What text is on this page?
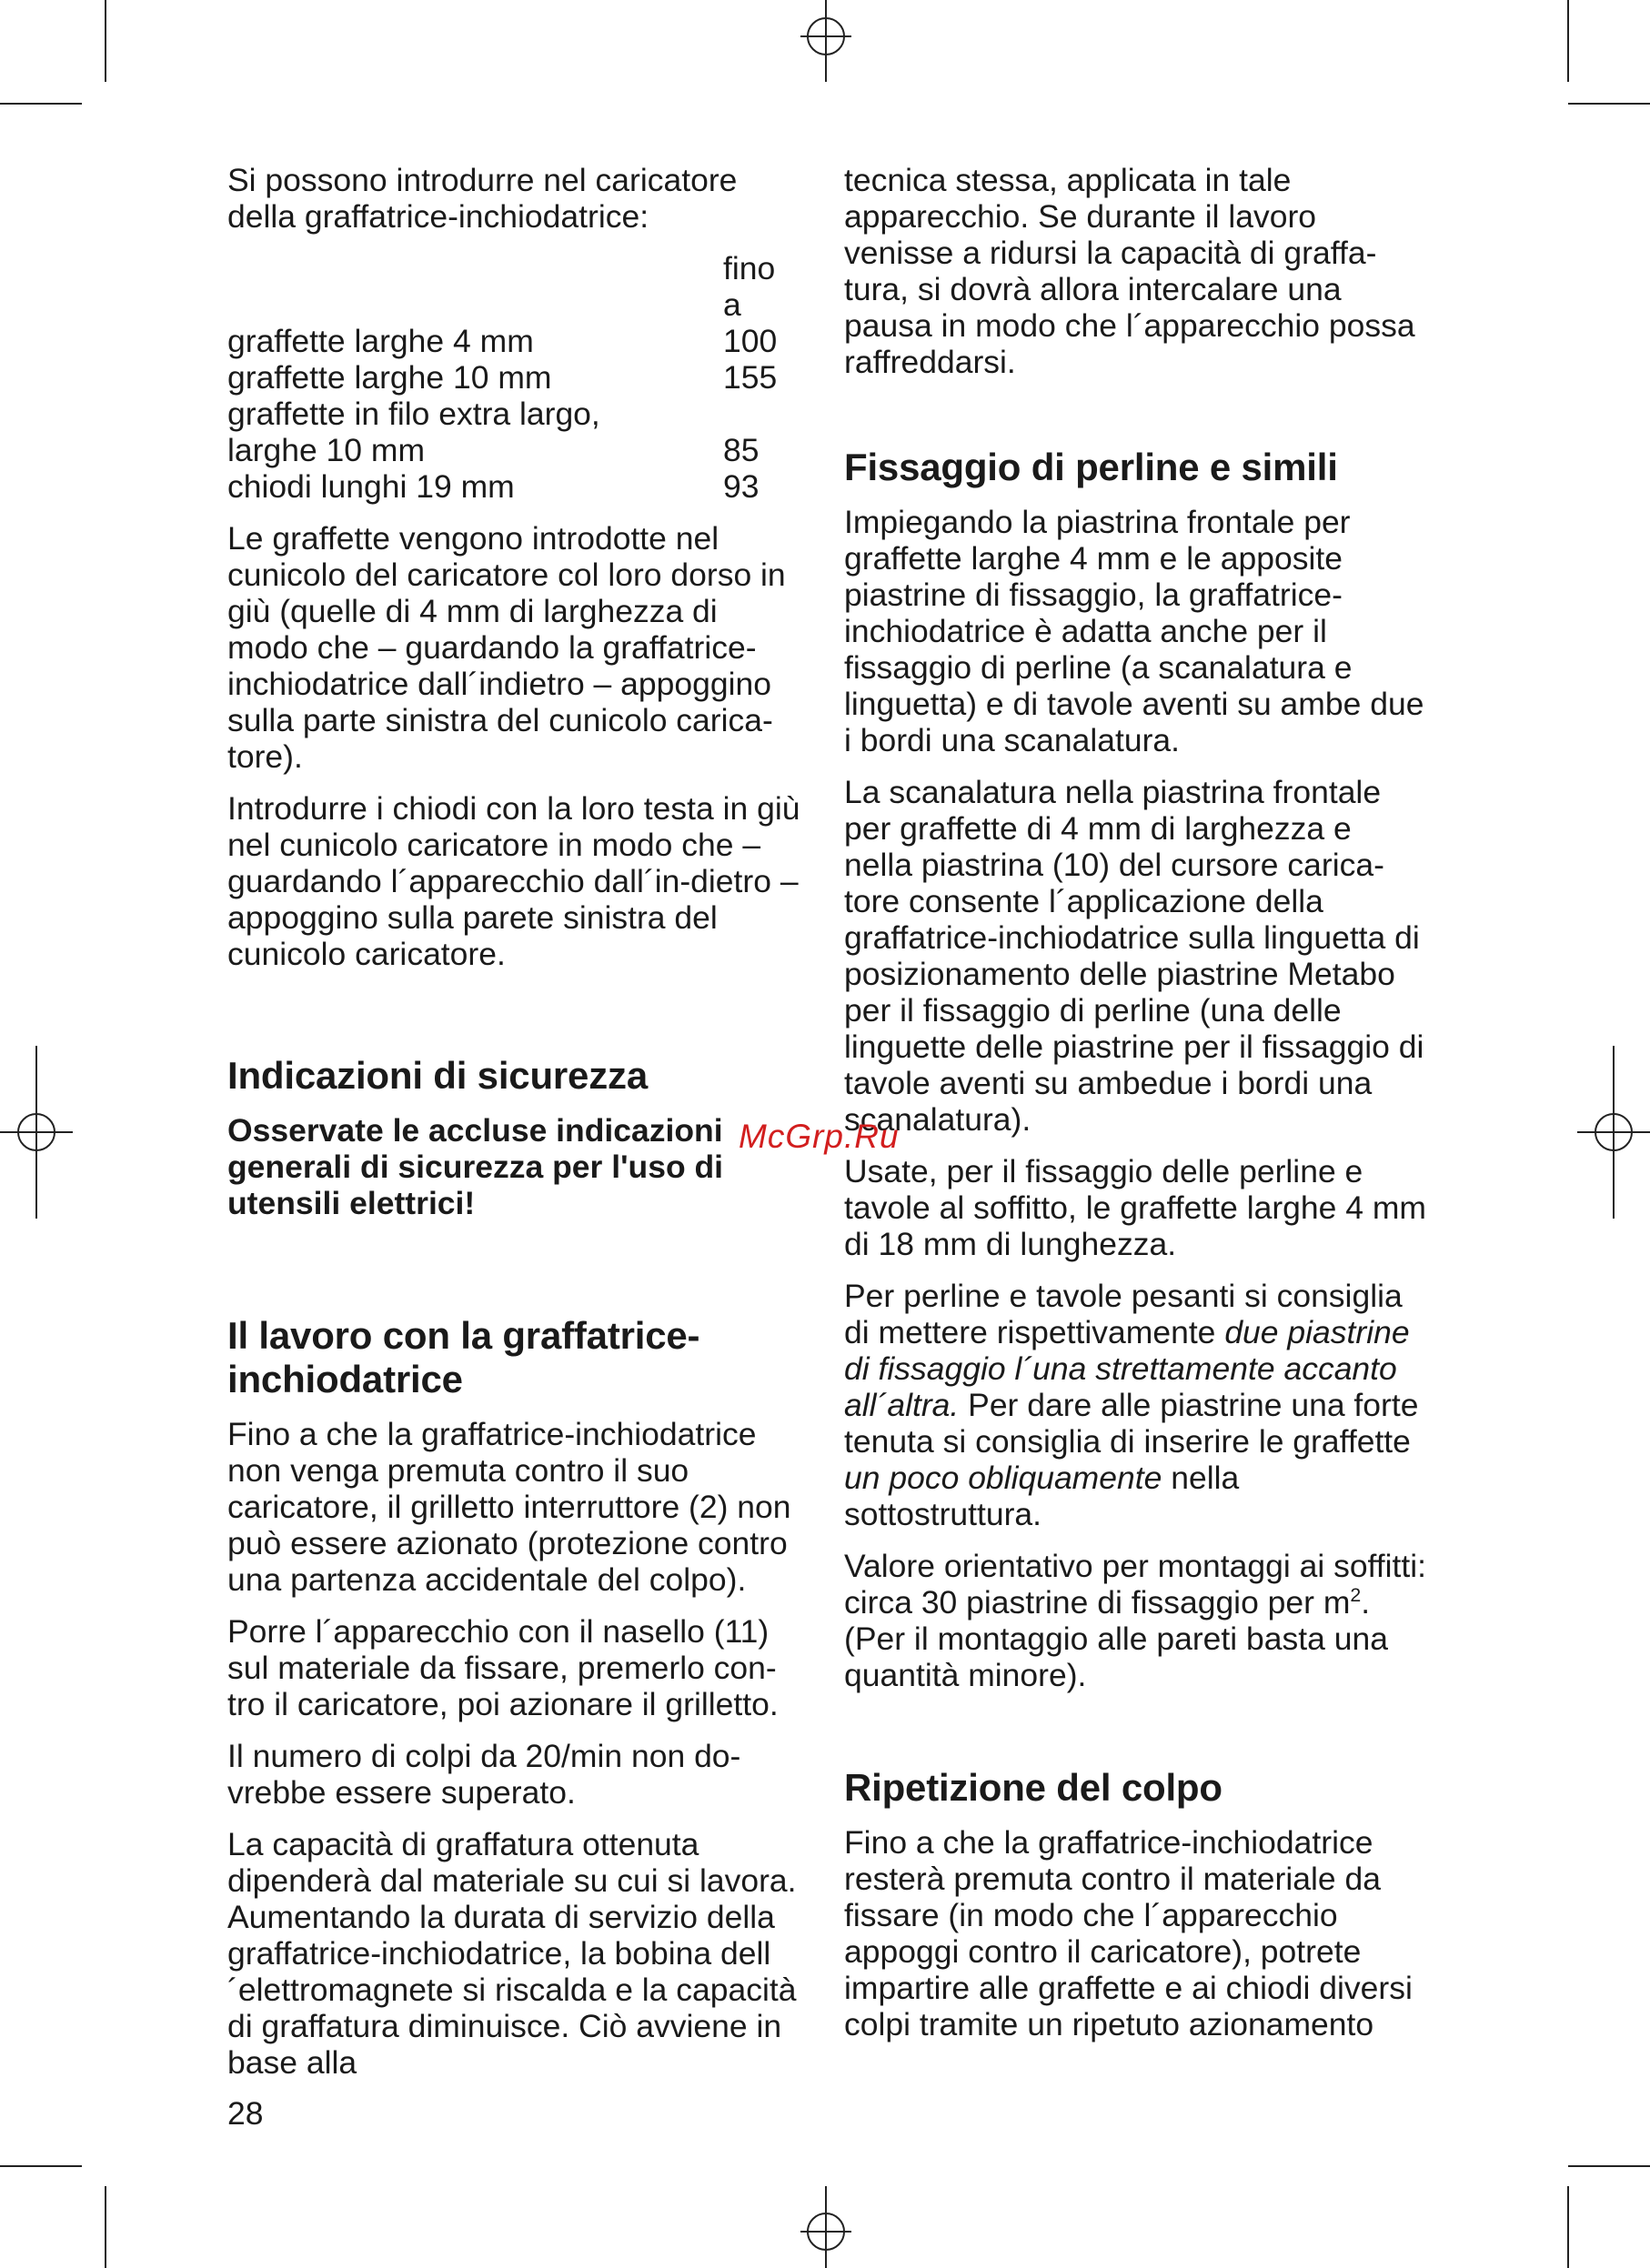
Si possono introdurre nel caricatore della graffatrice-inchiodatrice:

fino a
graffette larghe 4 mm	100
graffette larghe 10 mm	155
graffette in filo extra largo,
larghe 10 mm	85
chiodi lunghi 19 mm	93

Le graffette vengono introdotte nel cunicolo del caricatore col loro dorso in giù (quelle di 4 mm di larghezza di modo che – guardando la graffatrice-inchiodatrice dall´indietro – appoggino sulla parte sinistra del cunicolo carica-tore).

Introdurre i chiodi con la loro testa in giù nel cunicolo caricatore in modo che – guardando l´apparecchio dall´in-dietro – appoggino sulla parete sinistra del cunicolo caricatore.

Indicazioni di sicurezza

Osservate le accluse indicazioni generali di sicurezza per l'uso di utensili elettrici!

Il lavoro con la graffatrice-inchiodatrice

Fino a che la graffatrice-inchiodatrice non venga premuta contro il suo caricatore, il grilletto interruttore (2) non può essere azionato (protezione contro una partenza accidentale del colpo).

Porre l´apparecchio con il nasello (11) sul materiale da fissare, premerlo con-tro il caricatore, poi azionare il grilletto.

Il numero di colpi da 20/min non do-vrebbe essere superato.

La capacità di graffatura ottenuta dipenderà dal materiale su cui si lavora. Aumentando la durata di servizio della graffatrice-inchiodatrice, la bobina dell´elettromagnete si riscalda e la capacità di graffatura diminuisce. Ciò avviene in base alla

tecnica stessa, applicata in tale apparecchio. Se durante il lavoro venisse a ridursi la capacità di graffa-tura, si dovrà allora intercalare una pausa in modo che l´apparecchio possa raffreddarsi.

Fissaggio di perline e simili

Impiegando la piastrina frontale per graffette larghe 4 mm e le apposite piastrine di fissaggio, la graffatrice-inchiodatrice è adatta anche per il fissaggio di perline (a scanalatura e linguetta) e di tavole aventi su ambe due i bordi una scanalatura.

La scanalatura nella piastrina frontale per graffette di 4 mm di larghezza e nella piastrina (10) del cursore carica-tore consente l´applicazione della graffatrice-inchiodatrice sulla linguetta di posizionamento delle piastrine Metabo per il fissaggio di perline (una delle linguette delle piastrine per il fissaggio di tavole aventi su ambedue i bordi una scanalatura).

Usate, per il fissaggio delle perline e tavole al soffitto, le graffette larghe 4 mm di 18 mm di lunghezza.

Per perline e tavole pesanti si consiglia di mettere rispettivamente due piastrine di fissaggio l´una strettamente accanto all´altra. Per dare alle piastrine una forte tenuta si consiglia di inserire le graffette un poco obliquamente nella sottostruttura.

Valore orientativo per montaggi ai soffitti: circa 30 piastrine di fissaggio per $m^2$. (Per il montaggio alle pareti basta una quantità minore).

Ripetizione del colpo

Fino a che la graffatrice-inchiodatrice resterà premuta contro il materiale da fissare (in modo che l´apparecchio appoggi contro il caricatore), potrete impartire alle graffette e ai chiodi diversi colpi tramite un ripetuto azionamento

McGrp.Ru
28
